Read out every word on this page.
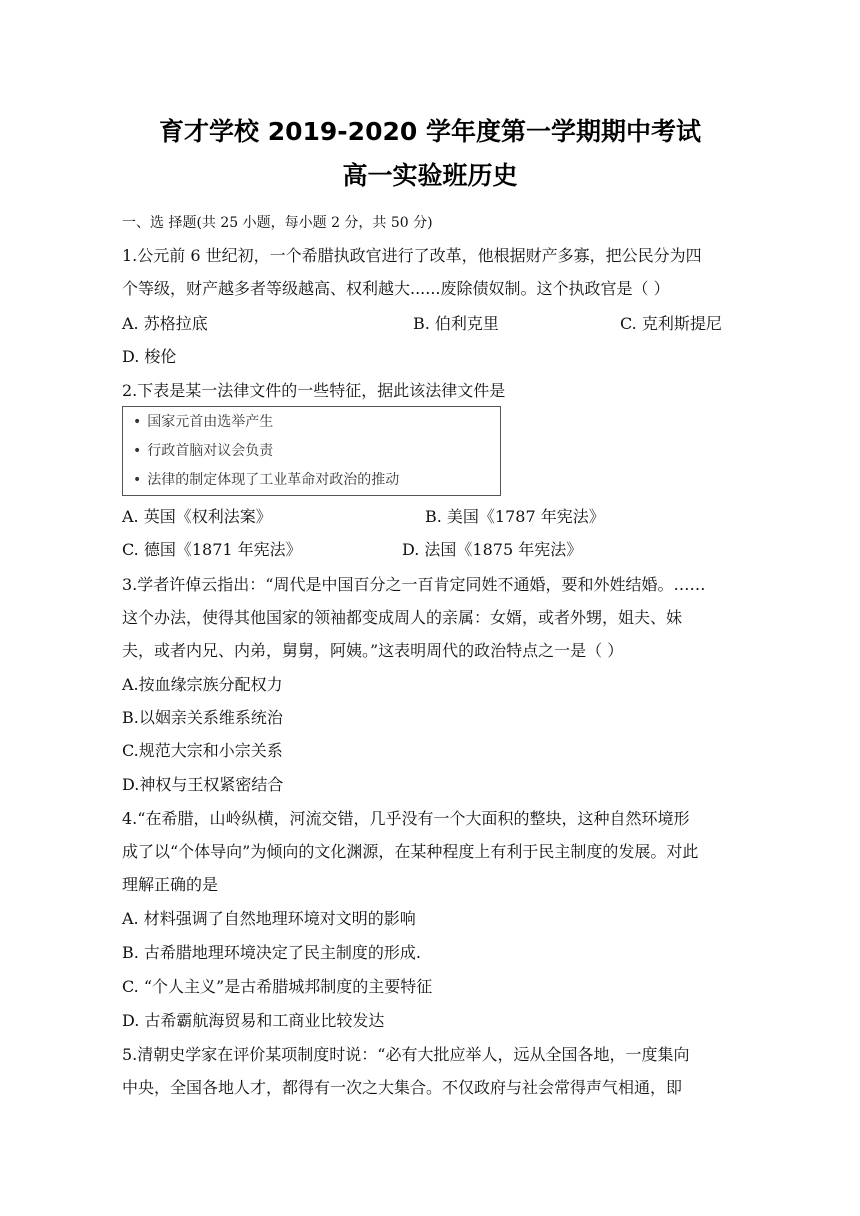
育才学校 2019-2020 学年度第一学期期中考试
高一实验班历史
一、选 择题(共 25 小题，每小题 2 分，共 50 分)
1.公元前 6 世纪初，一个希腊执政官进行了改革，他根据财产多寡，把公民分为四
个等级，财产越多者等级越高、权利越大......废除债奴制。这个执政官是（ ）
A. 苏格拉底	B. 伯利克里	C. 克利斯提尼
D. 梭伦
2.下表是某一法律文件的一些特征，据此该法律文件是
• 国家元首由选举产生
• 行政首脑对议会负责
• 法律的制定体现了工业革命对政治的推动
A. 英国《权利法案》	B. 美国《1787 年宪法》
C. 德国《1871 年宪法》	D. 法国《1875 年宪法》
3.学者许倬云指出：“周代是中国百分之一百肯定同姓不通婚，要和外姓结婚。……
这个办法，使得其他国家的领袖都变成周人的亲属：女婿，或者外甥，姐夫、妹
夫，或者内兄、内弟，舅舅，阿姨。”这表明周代的政治特点之一是（ ）
A.按血缘宗族分配权力
B.以姻亲关系维系统治
C.规范大宗和小宗关系
D.神权与王权紧密结合
4.“在希腊，山岭纵横，河流交错，几乎没有一个大面积的整块，这种自然环境形
成了以“个体导向”为倾向的文化渊源，在某种程度上有利于民主制度的发展。对此
理解正确的是
A. 材料强调了自然地理环境对文明的影响
B. 古希腊地理环境决定了民主制度的形成.
C. “个人主义”是古希腊城邦制度的主要特征
D. 古希霸航海贸易和工商业比较发达
5.清朝史学家在评价某项制度时说：“必有大批应举人，远从全国各地，一度集向
中央，全国各地人才，都得有一次之大集合。不仅政府与社会常得声气相通，即
